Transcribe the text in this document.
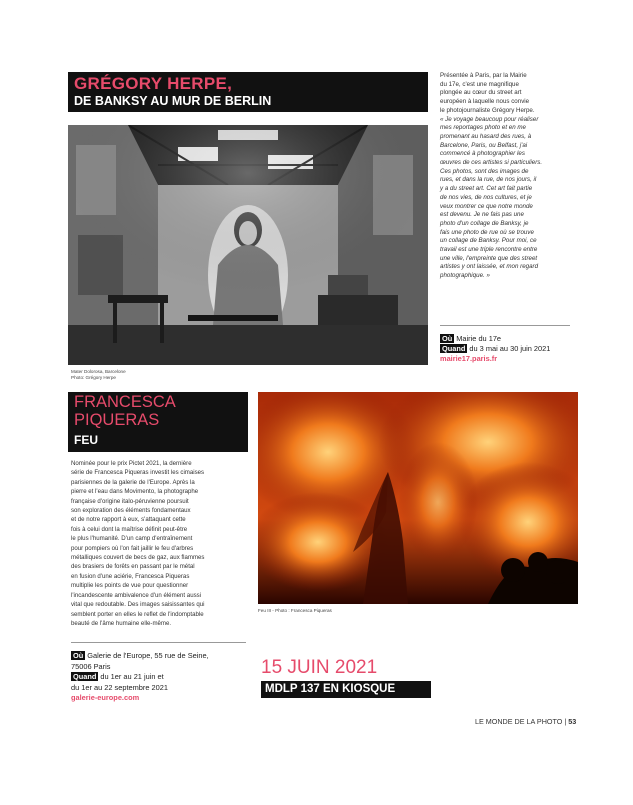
GRÉGORY HERPE,
DE BANKSY AU MUR DE BERLIN
Mater Dolorosa, Barcelone
Photo: Grégory Herpe
Présentée à Paris, par la Mairie
du 17e, c'est une magnifique
plongée au cœur du street art
européen à laquelle nous convie
le photojournaliste Grégory Herpe.
« Je voyage beaucoup pour réaliser
mes reportages photo et en me
promenant au hasard des rues, à
Barcelone, Paris, ou Belfast, j'ai
commencé à photographier les
œuvres de ces artistes si particuliers.
Ces photos, sont des images de
rues, et dans la rue, de nos jours, il
y a du street art. Cet art fait partie
de nos vies, de nos cultures, et je
veux montrer ce que notre monde
est devenu. Je ne fais pas une
photo d'un collage de Banksy, je
fais une photo de rue où se trouve
un collage de Banksy. Pour moi, ce
travail est une triple rencontre entre
une ville, l'empreinte que des street
artistes y ont laissée, et mon regard
photographique. »
Où Mairie du 17e
Quand du 3 mai au 30 juin 2021
mairie17.paris.fr
FRANCESCA
PIQUERAS
FEU
Nominée pour le prix Pictet 2021, la dernière
série de Francesca Piqueras investit les cimaises
parisiennes de la galerie de l'Europe. Après la
pierre et l'eau dans Movimento, la photographe
française d'origine italo-péruvienne poursuit
son exploration des éléments fondamentaux
et de notre rapport à eux, s'attaquant cette
fois à celui dont la maîtrise définit peut-être
le plus l'humanité. D'un camp d'entraînement
pour pompiers où l'on fait jaillir le feu d'arbres
métalliques couvert de becs de gaz, aux flammes
des brasiers de forêts en passant par le métal
en fusion d'une aciérie, Francesca Piqueras
multiplie les points de vue pour questionner
l'incandescente ambivalence d'un élément aussi
vital que redoutable. Des images saisissantes qui
semblent porter en elles le reflet de l'indomptable
beauté de l'âme humaine elle-même.
Où Galerie de l'Europe, 55 rue de Seine,
75006 Paris
Quand du 1er au 21 juin et
du 1er au 22 septembre 2021
galerie-europe.com
Feu III - Photo : Francesca Piqueras
15 JUIN 2021
MDLP 137 EN KIOSQUE
LE MONDE DE LA PHOTO | 53
